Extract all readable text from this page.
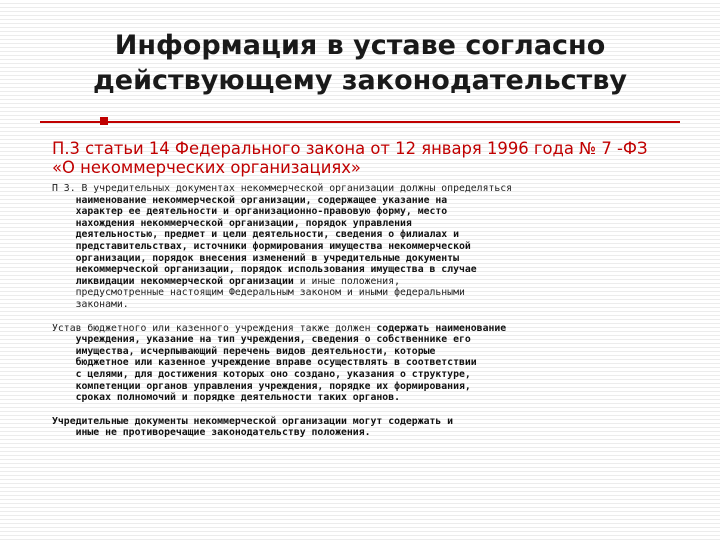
Информация в уставе согласно
действующему законодательству

П.3 статьи 14 Федерального закона от 12 января 1996 года № 7 -ФЗ «О некоммерческих организациях»

П 3. В учредительных документах некоммерческой организации должны определяться
наименование некоммерческой организации, содержащее указание на
характер ее деятельности и организационно-правовую форму, место
нахождения некоммерческой организации, порядок управления
деятельностью, предмет и цели деятельности, сведения о филиалах и
представительствах, источники формирования имущества некоммерческой
организации, порядок внесения изменений в учредительные документы
некоммерческой организации, порядок использования имущества в случае
ликвидации некоммерческой организации и иные положения,
предусмотренные настоящим Федеральным законом и иными федеральными
законами.

Устав бюджетного или казенного учреждения также должен содержать наименование
учреждения, указание на тип учреждения, сведения о собственнике его
имущества, исчерпывающий перечень видов деятельности, которые
бюджетное или казенное учреждение вправе осуществлять в соответствии
с целями, для достижения которых оно создано, указания о структуре,
компетенции органов управления учреждения, порядке их формирования,
сроках полномочий и порядке деятельности таких органов.

Учредительные документы некоммерческой организации могут содержать и
иные не противоречащие законодательству положения.
